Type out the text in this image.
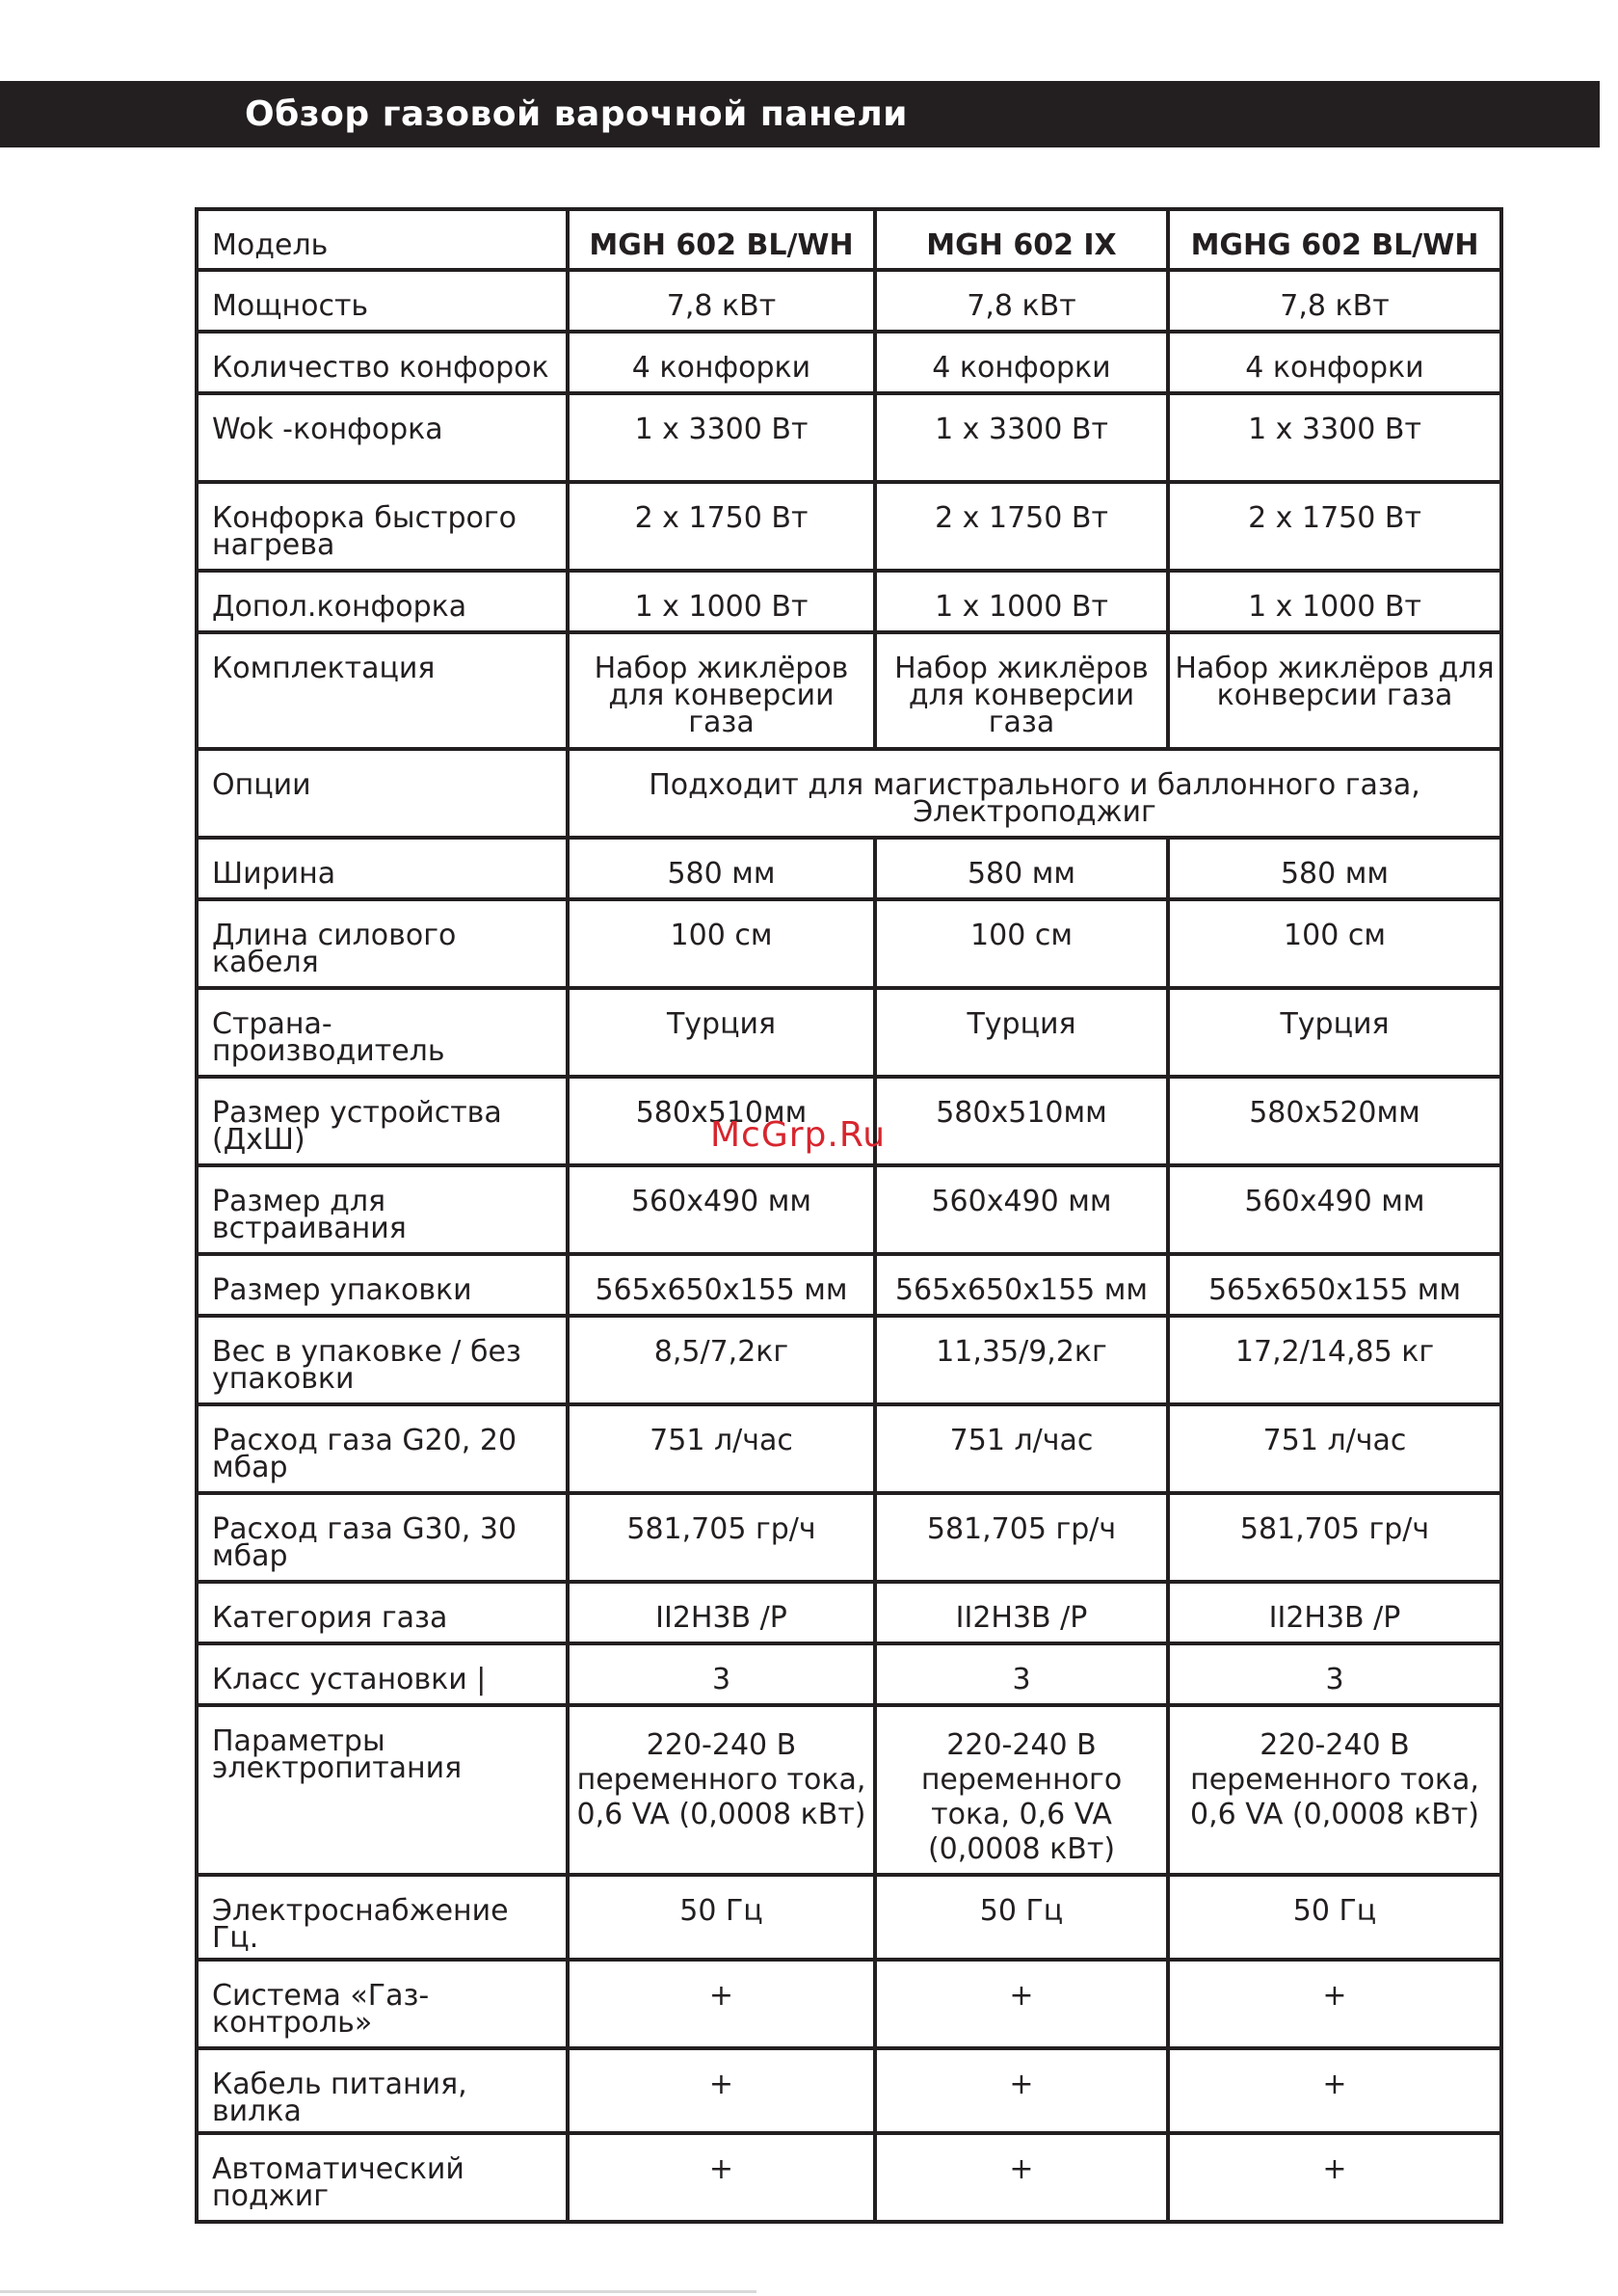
Обзор газовой варочной панели
Модель	MGH 602 BL/WH	MGH 602 IX	MGHG 602 BL/WH
Мощность	7,8 кВт	7,8 кВт	7,8 кВт
Количество конфорок	4 конфорки	4 конфорки	4 конфорки
Wok -конфорка	1 x 3300 Вт	1 x 3300 Вт	1 x 3300 Вт
Конфорка быстрого нагрева	2 x 1750 Вт	2 x 1750 Вт	2 x 1750 Вт
Допол.конфорка	1 x 1000 Вт	1 x 1000 Вт	1 x 1000 Вт
Комплектация	Набор жиклёров для конверсии газа	Набор жиклёров для конверсии газа	Набор жиклёров для конверсии газа
Опции	Подходит для магистрального и баллонного газа, Электроподжиг		
Ширина	580 мм	580 мм	580 мм
Длина силового кабеля	100 см	100 см	100 см
Страна-производитель	Турция	Турция	Турция
Размер устройства (ДхШ)	580x510мм	580x510мм	580x520мм
Размер для встраивания	560x490 мм	560x490 мм	560x490 мм
Размер упаковки	565x650x155 мм	565x650x155 мм	565x650x155 мм
Вес в упаковке / без упаковки	8,5/7,2кг	11,35/9,2кг	17,2/14,85 кг
Расход газа G20, 20 мбар	751 л/час	751 л/час	751 л/час
Расход газа G30, 30 мбар	581,705 гр/ч	581,705 гр/ч	581,705 гр/ч
Категория газа	II2H3B /P	II2H3B /P	II2H3B /P
Класс установки |	3	3	3
Параметры электропитания	220-240 В переменного тока, 0,6 VA (0,0008 кВт)	220-240 В переменного тока, 0,6 VA (0,0008 кВт)	220-240 В переменного тока, 0,6 VA (0,0008 кВт)
Электроснабжение Гц.	50 Гц	50 Гц	50 Гц
Система «Газ- контроль»	+	+	+
Кабель питания, вилка	+	+	+
Автоматический поджиг	+	+	+
McGrp.Ru
